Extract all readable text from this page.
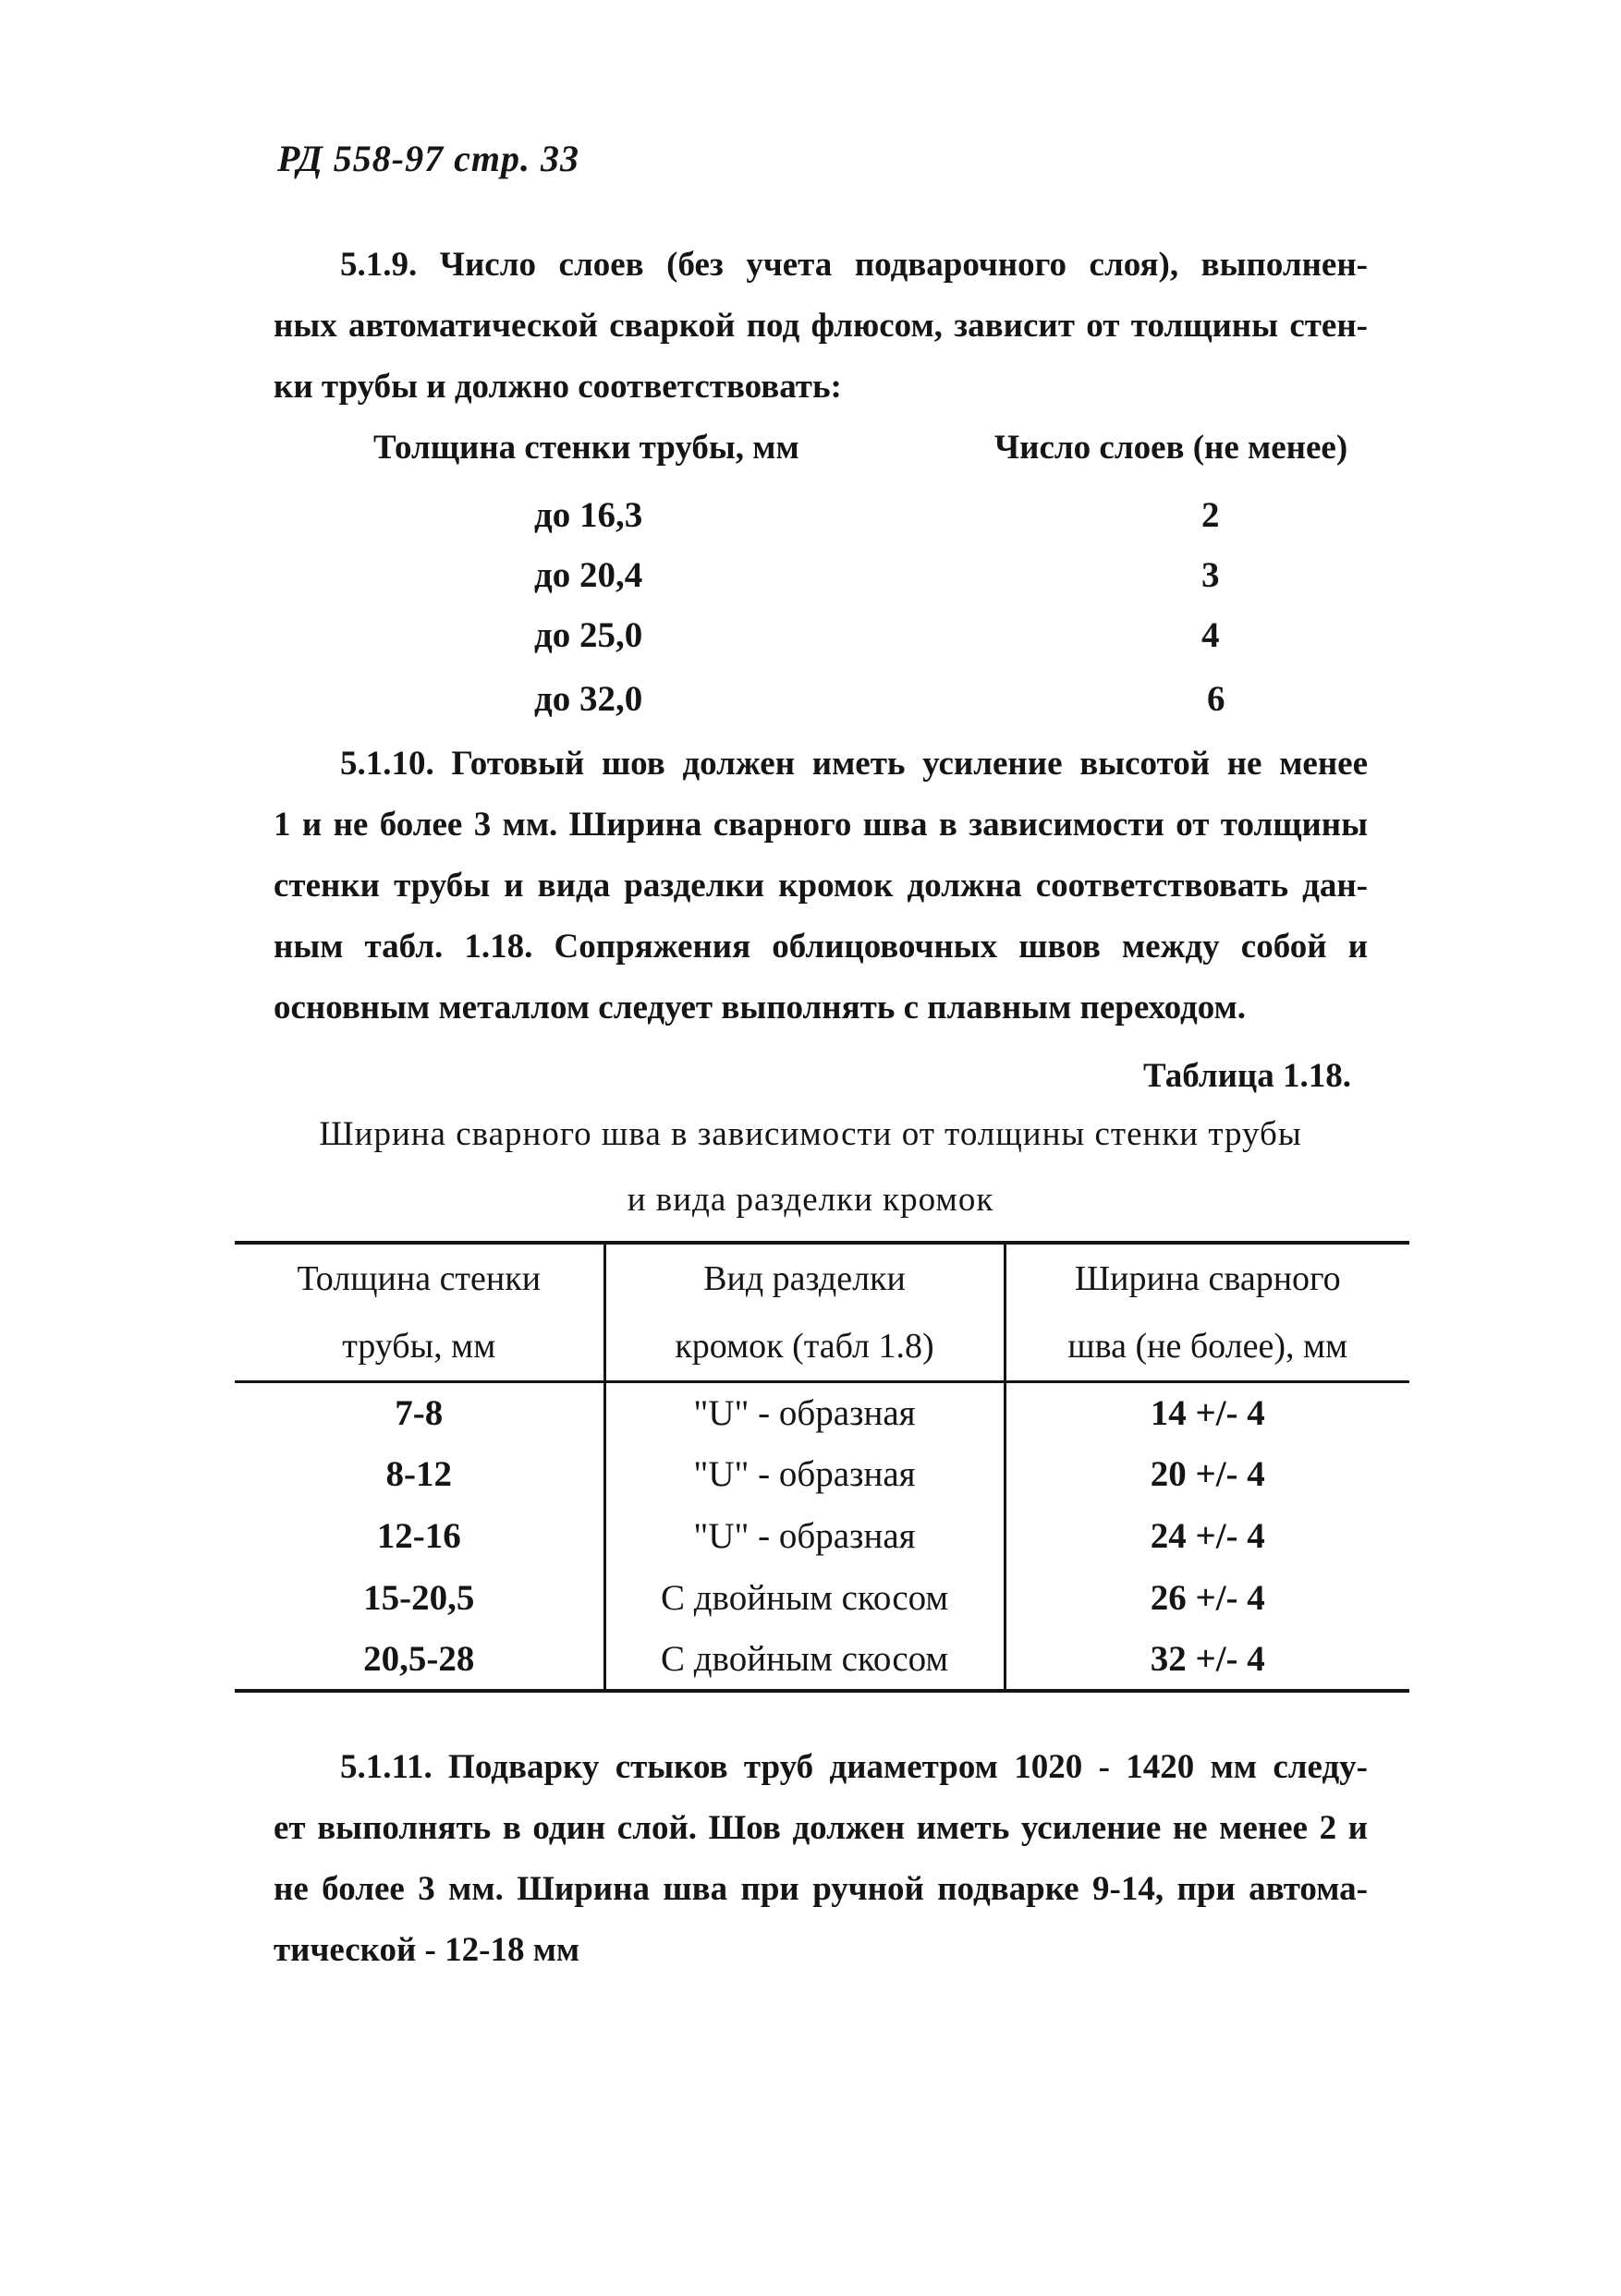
РД 558-97 стр. 33
5.1.9. Число слоев (без учета подварочного слоя), выполнен-
ных автоматической сваркой под флюсом, зависит от толщины стен-
ки трубы и должно соответствовать:
Толщина стенки трубы, мм	Число слоев (не менее)
до 16,3	2
до 20,4	3
до 25,0	4
до 32,0	6
5.1.10. Готовый шов должен иметь усиление высотой не менее
1 и не более 3 мм. Ширина сварного шва в зависимости от толщины
стенки трубы и вида разделки кромок должна соответствовать дан-
ным табл. 1.18. Сопряжения облицовочных швов между собой и
основным металлом следует выполнять с плавным переходом.
Таблица 1.18.
Ширина сварного шва в зависимости от толщины стенки трубы
и вида разделки кромок
Толщина стенки	Вид разделки	Ширина сварного
трубы, мм	кромок (табл 1.8)	шва (не более), мм
7-8	"U" - образная	14 +/- 4
8-12	"U" - образная	20 +/- 4
12-16	"U" - образная	24 +/- 4
15-20,5	С двойным скосом	26 +/- 4
20,5-28	С двойным скосом	32 +/- 4
5.1.11. Подварку стыков труб диаметром 1020 - 1420 мм следу-
ет выполнять в один слой. Шов должен иметь усиление не менее 2 и
не более 3 мм. Ширина шва при ручной подварке 9-14, при автома-
тической - 12-18 мм
